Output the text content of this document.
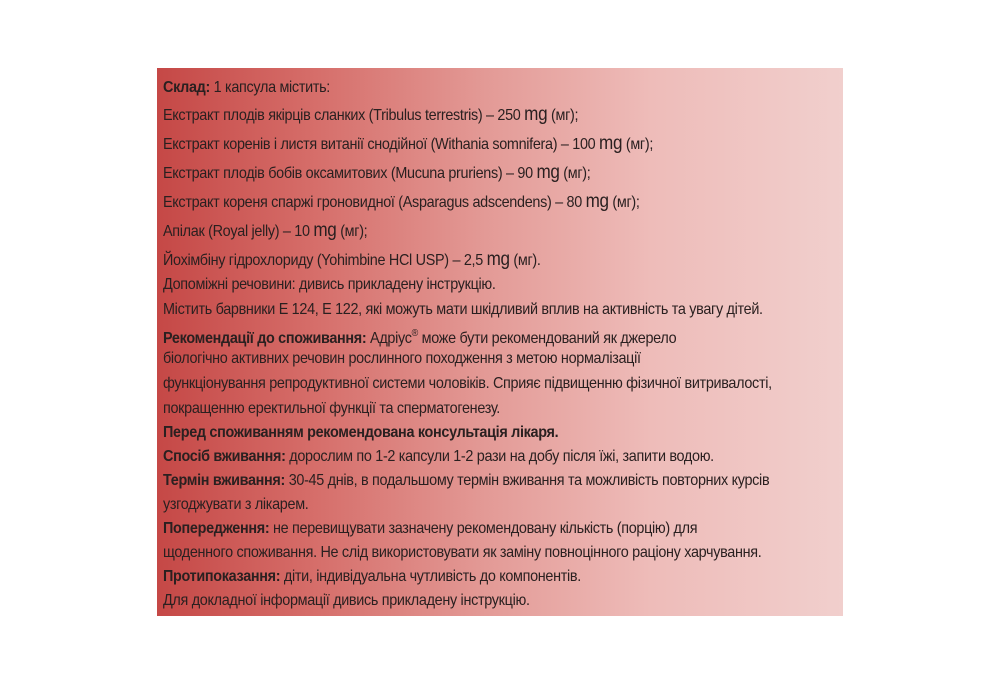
Склад: 1 капсула містить:
Екстракт плодів якірців сланких (Tribulus terrestris) – 250 mg (мг);
Екстракт коренів і листя витанії снодійної (Withania somnifera) – 100 mg (мг);
Екстракт плодів бобів оксамитових (Mucuna pruriens) – 90 mg (мг);
Екстракт кореня спаржі гроновидної (Asparagus adscendens) – 80 mg (мг);
Апілак (Royal jelly) – 10 mg (мг);
Йохімбіну гідрохлориду (Yohimbine HCl USP) – 2,5 mg (мг).
Допоміжні речовини: дивись прикладену інструкцію.
Містить барвники Е 124, Е 122, які можуть мати шкідливий вплив на активність та увагу дітей.
Рекомендації до споживання: Адріус® може бути рекомендований як джерело
біологічно активних речовин рослинного походження з метою нормалізації
функціонування репродуктивної системи чоловіків. Сприяє підвищенню фізичної витривалості,
покращенню еректильної функції та сперматогенезу.
Перед споживанням рекомендована консультація лікаря.
Спосіб вживання: дорослим по 1-2 капсули 1-2 рази на добу після їжі, запити водою.
Термін вживання: 30-45 днів, в подальшому термін вживання та можливість повторних курсів
узгоджувати з лікарем.
Попередження: не перевищувати зазначену рекомендовану кількість (порцію) для
щоденного споживання. Не слід використовувати як заміну повноцінного раціону харчування.
Протипоказання: діти, індивідуальна чутливість до компонентів.
Для докладної інформації дивись прикладену інструкцію.
